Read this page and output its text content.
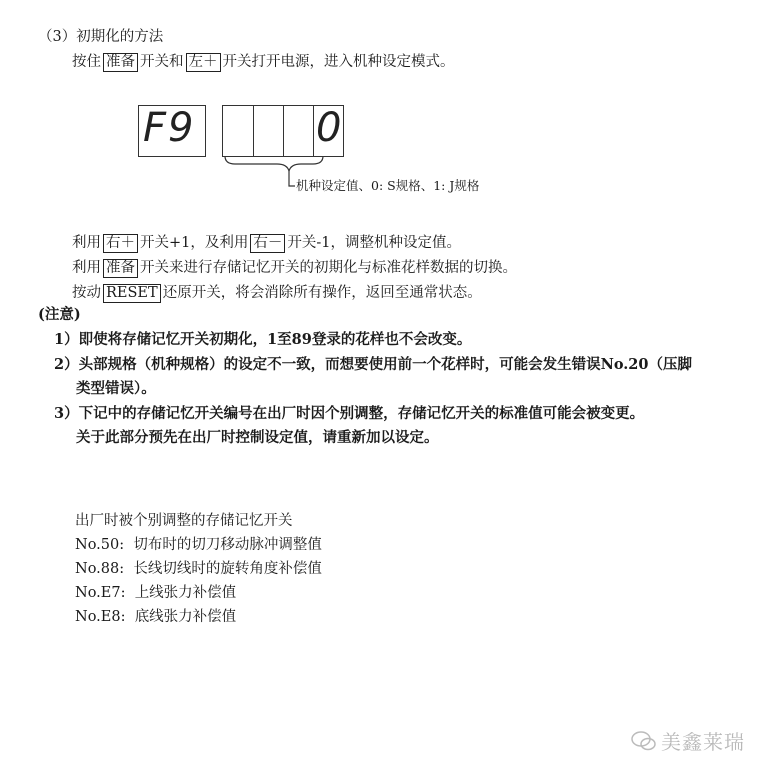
（3）初期化的方法
按住 准备 开关和 左＋ 开关打开电源，进入机种设定模式。
F9	0
机种设定值、0: S规格、1: J规格
利用 右＋ 开关+1，及利用 右－ 开关-1，调整机种设定值。
利用 准备 开关来进行存储记忆开关的初期化与标准花样数据的切换。
按动 RESET 还原开关，将会消除所有操作，返回至通常状态。
(注意)
1）即使将存储记忆开关初期化，1至89登录的花样也不会改变。
2）头部规格（机种规格）的设定不一致，而想要使用前一个花样时，可能会发生错误No.20（压脚
类型错误）。
3）下记中的存储记忆开关编号在出厂时因个别调整，存储记忆开关的标准值可能会被变更。
关于此部分预先在出厂时控制设定值，请重新加以设定。
出厂时被个别调整的存储记忆开关
No.50: 切布时的切刀移动脉冲调整值
No.88: 长线切线时的旋转角度补偿值
No.E7: 上线张力补偿值
No.E8: 底线张力补偿值
美鑫莱瑞
